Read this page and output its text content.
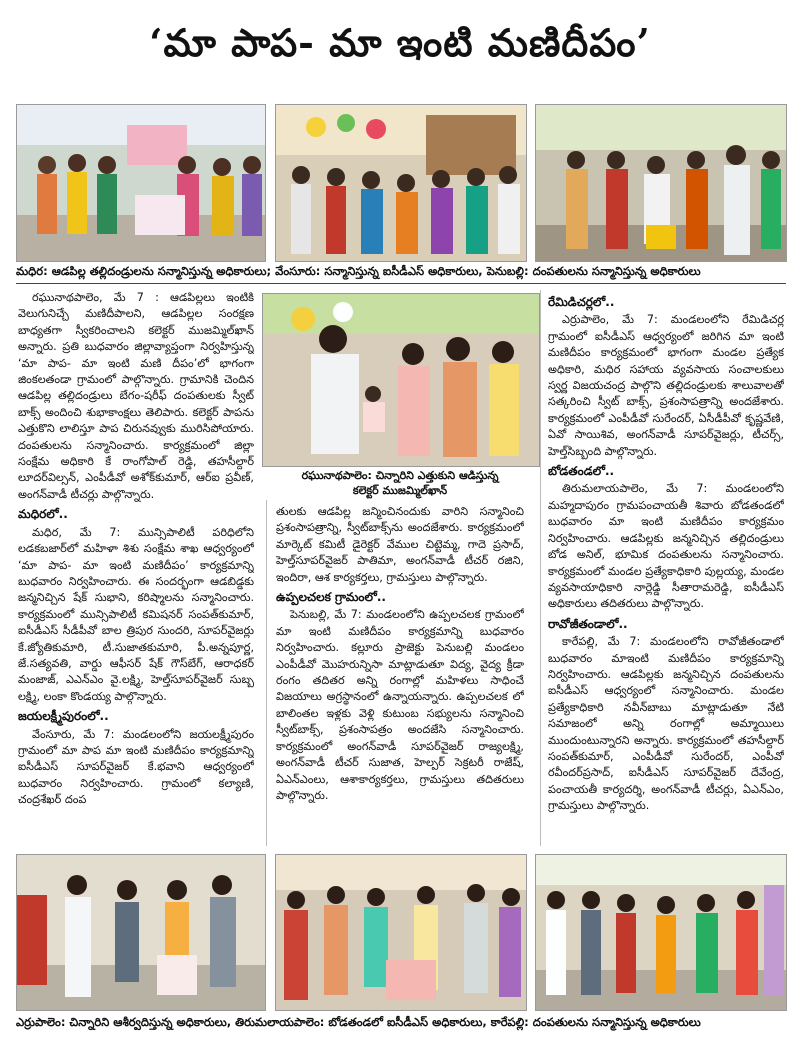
‘మా పాప- మా ఇంటి మణిదీపం’
మధిర: ఆడపిల్ల తల్లిదండ్రులను సన్మానిస్తున్న అధికారులు; వేంసూరు: సన్మానిస్తున్న ఐసీడీఎస్ అధికారులు, పెనుబల్లి: దంపతులను సన్మానిస్తున్న అధికారులు

రఘునాథపాలెం, మే 7 : ఆడపిల్లలు ఇంటికి వెలుగునిచ్చే మణిదీపాలని, ఆడపిల్లల సంరక్షణ బాధ్యతగా స్వీకరించాలని కలెక్టర్ ముజమ్మిల్‌ఖాన్ అన్నారు. ప్రతి బుధవారం జిల్లావ్యాప్తంగా నిర్వహిస్తున్న ‘మా పాప- మా ఇంటి మణి దీపం’లో భాగంగా జింకలతండా గ్రామంలో పాల్గొన్నారు. గ్రామానికి చెందిన ఆడపిల్ల తల్లిదండ్రులు బేగం-షరీఫ్ దంపతులకు స్వీట్ బాక్స్ అందించి శుభాకాంక్షలు తెలిపారు. కలెక్టర్ పాపను ఎత్తుకొని లాలిస్తూ పాప చిరునవ్వుకు మురిసిపోయారు. దంపతులను సన్మానించారు. కార్యక్రమంలో జిల్లా సంక్షేమ అధికారి కే రాంగోపాల్ రెడ్డి, తహసీల్దార్ లూదర్‌విల్సన్, ఎంపీడీవో అశోక్‌కుమార్, ఆర్ఐ ప్రవీణ్, అంగన్‌వాడీ టీచర్లు పాల్గొన్నారు.

మధిరలో..

మధిర, మే 7: మున్సిపాలిటీ పరిధిలోని లడకబజార్‌లో మహిళా శిశు సంక్షేమ శాఖ ఆధ్వర్యంలో ‘మా పాప- మా ఇంటి మణిదీపం’ కార్యక్రమాన్ని బుధవారం నిర్వహించారు. ఈ సందర్భంగా ఆడబిడ్డకు జన్మనిచ్చిన షేక్ సుభాని, కరిష్మాలను సన్మానించారు. కార్యక్రమంలో మున్సిపాలిటీ కమిషనర్ సంపత్‌కుమార్, ఐసీడీఎస్ సీడీపీవో బాల త్రిపుర సుందరి, సూపర్‌వైజర్లు కే.జ్యోతికుమారి, టీ.సుజాతకుమారి, పీ.అన్నపూర్ణ, జే.సత్యవతి, వార్డు ఆఫీసర్ షేక్ గౌస్‌బేగ్, ఆరాధకర్ మంజాజ్, ఎఎన్ఎం వై.లక్ష్మి, హెల్త్‌సూపర్‌వైజర్ సుబ్బ లక్ష్మి, లంకా కొండయ్య పాల్గొన్నారు.

జయలక్ష్మీపురంలో..

వేంసూరు, మే 7: మండలంలోని జయలక్ష్మీపురం గ్రామంలో మా పాప మా ఇంటి మణిదీపం కార్యక్రమాన్ని ఐసీడీఎస్ సూపర్‌వైజర్ కే.భవాని ఆధ్వర్యంలో బుధవారం నిర్వహించారు. గ్రామంలో కల్యాణి, చంద్రశేఖర్ దంప

రఘునాథపాలెం: చిన్నారిని ఎత్తుకుని ఆడిస్తున్న
కలెక్టర్ ముజమ్మిల్‌ఖాన్

తులకు ఆడపిల్ల జన్మించినందుకు వారిని సన్మానించి ప్రశంసాపత్రాన్ని, స్వీట్‌బాక్స్‌ను అందజేశారు. కార్యక్రమంలో మార్కెట్ కమిటీ డైరెక్టర్ వేముల చిట్టెమ్మ, గాదె ప్రసాద్, హెల్త్‌సూపర్‌వైజర్ పాతిమా, అంగన్‌వాడీ టీచర్ రజిని, ఇందిరా, ఆశ కార్యకర్తలు, గ్రామస్తులు పాల్గొన్నారు.

ఉప్పలచలక గ్రామంలో..

పెనుబల్లి, మే 7: మండలంలోని ఉప్పలచలక గ్రామంలో మా ఇంటి మణిదీపం కార్యక్రమాన్ని బుధవారం నిర్వహించారు. కల్లూరు ప్రాజెక్టు పెనుబల్లి మండలం ఎంపీడీవో మొహరున్నిసా మాట్లాడుతూ విద్య, వైద్య క్రీడా రంగం తదితర అన్ని రంగాల్లో మహిళలు సాధించే విజయాలు అగ్రస్థానంలో ఉన్నాయన్నారు. ఉప్పలచలక లో బాలింతల ఇళ్లకు వెళ్లి కుటుంబ సభ్యులను సన్మానించి స్వీట్‌బాక్స్, ప్రశంసాపత్రం అందజేసి సన్మానించారు. కార్యక్రమంలో అంగన్‌వాడీ సూపర్‌వైజర్ రాజ్యలక్ష్మి, అంగన్‌వాడీ టీచర్ సుజాత, హెల్పర్ సెక్రటరీ రాజేష్, ఏఎన్ఎంలు, ఆశాకార్యకర్తలు, గ్రామస్తులు తదితరులు పాల్గొన్నారు.

రేమిడిచర్లలో..

ఎర్రుపాలెం, మే 7: మండలంలోని రేమిడిచర్ల గ్రామంలో ఐసీడీఎస్ ఆధ్వర్యంలో జరిగిన మా ఇంటి మణిదీపం కార్యక్రమంలో భాగంగా మండల ప్రత్యేక అధికారి, మధిర సహాయ వ్యవసాయ సంచాలకులు స్వర్ణ విజయచంద్ర పాల్గొని తల్లిదండ్రులకు శాలువాలతో సత్కరించి స్వీట్ బాక్స్, ప్రశంసాపత్రాన్ని అందజేశారు. కార్యక్రమంలో ఎంపీడీవో సురేందర్, ఏసీడీపీవో కృష్ణవేణి, ఏవో సాయిశివ, అంగన్‌వాడీ సూపర్‌వైజర్లు, టీచర్స్, హెల్త్‌సిబ్బంది పాల్గొన్నారు.

బోడతండలో..

తిరుమలాయపాలెం, మే 7: మండలంలోని మహ్మదాపురం గ్రామపంచాయతీ శివారు బోడతండలో బుధవారం మా ఇంటి మణిదీపం కార్యక్రమం నిర్వహించారు. ఆడపిల్లకు జన్మనిచ్చిన తల్లిదండ్రులు బోడ అనిల్, భూమిక దంపతులను సన్మానించారు. కార్యక్రమంలో మండల ప్రత్యేకాధికారి పుల్లయ్య, మండల వ్యవసాయాధికారి నార్లెడ్డి సీతారామరెడ్డి, ఐసీడీఎస్ అధికారులు తదితరులు పాల్గొన్నారు.

రావోజీతండాలో..

కారేపల్లి, మే 7: మండలంలోని రావోజీతండాలో బుధవారం మాఇంటి మణిదీపం కార్యక్రమాన్ని నిర్వహించారు. ఆడపిల్లకు జన్మనిచ్చిన దంపతులను ఐసీడీఎస్ ఆధ్వర్యంలో సన్మానించారు. మండల ప్రత్యేకాధికారి నవీన్‌బాబు మాట్లాడుతూ నేటి సమాజంలో అన్ని రంగాల్లో అమ్మాయిలు ముందుంటున్నారని అన్నారు. కార్యక్రమంలో తహసీల్దార్ సంపత్‌కుమార్, ఎంపీడీవో సురేందర్, ఎంపీవో రవీందర్‌ప్రసాద్, ఐసీడీఎస్ సూపర్‌వైజర్ దేవేంద్ర, పంచాయతీ కార్యదర్శి, అంగన్‌వాడీ టీచర్లు, ఏఎన్ఎం, గ్రామస్తులు పాల్గొన్నారు.

ఎర్రుపాలెం: చిన్నారిని ఆశీర్వదిస్తున్న అధికారులు, తిరుమలాయపాలెం: బోడతండలో ఐసీడీఎస్ అధికారులు, కారేపల్లి: దంపతులను సన్మానిస్తున్న అధికారులు
